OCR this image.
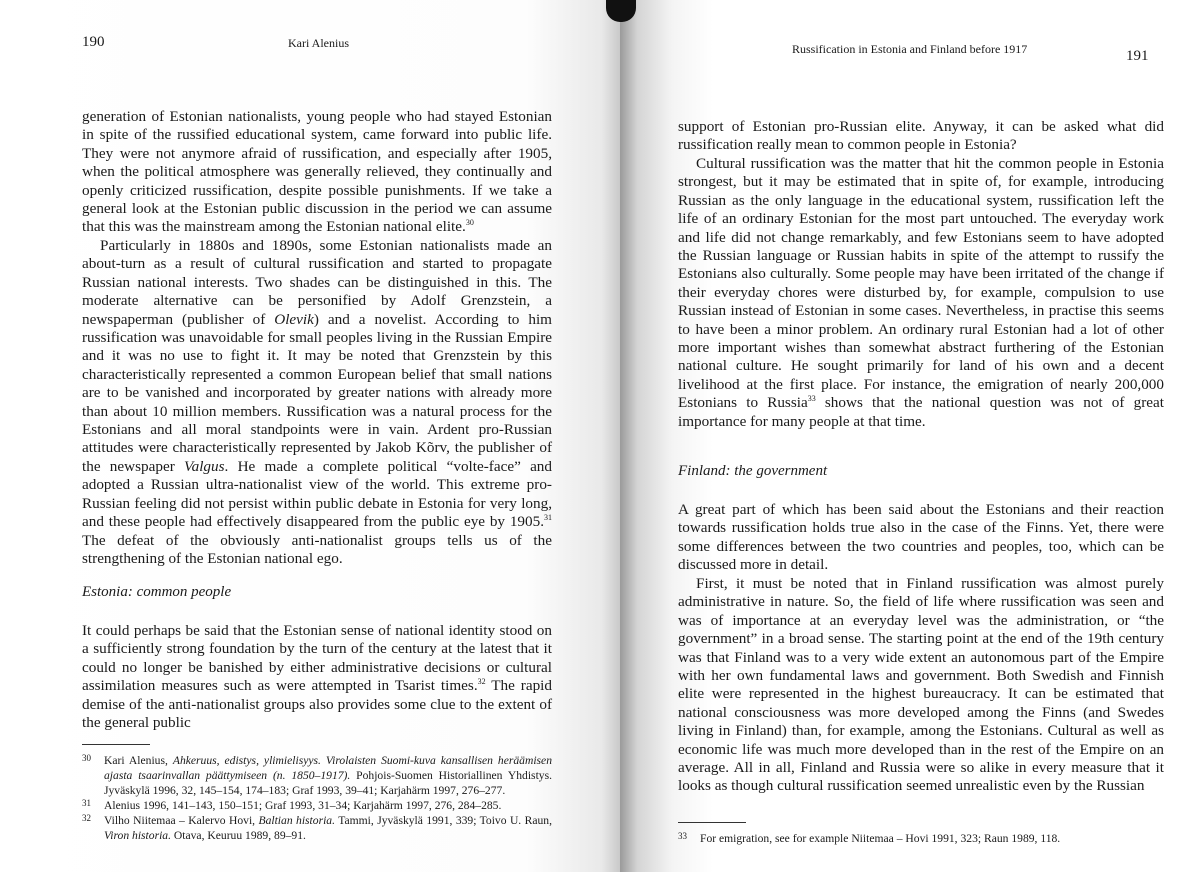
190	Kari Alenius
generation of Estonian nationalists, young people who had stayed Estonian in spite of the russified educational system, came forward into public life. They were not anymore afraid of russification, and especially after 1905, when the political atmosphere was generally relieved, they continually and openly criticized russification, despite possible punishments. If we take a general look at the Estonian public discussion in the period we can assume that this was the mainstream among the Estonian national elite.$^{30}$
Particularly in 1880s and 1890s, some Estonian nationalists made an about-turn as a result of cultural russification and started to propagate Russian national interests. Two shades can be distinguished in this. The moderate alternative can be personified by Adolf Grenzstein, a newspaperman (publisher of Olevik) and a novelist. According to him russification was unavoidable for small peoples living in the Russian Empire and it was no use to fight it. It may be noted that Grenzstein by this characteristically represented a common European belief that small nations are to be vanished and incorporated by greater nations with already more than about 10 million members. Russification was a natural process for the Estonians and all moral standpoints were in vain. Ardent pro-Russian attitudes were characteristically represented by Jakob Kõrv, the publisher of the newspaper Valgus. He made a complete political “volte-face” and adopted a Russian ultra-nationalist view of the world. This extreme pro-Russian feeling did not persist within public debate in Estonia for very long, and these people had effectively disappeared from the public eye by 1905.31 The defeat of the obviously anti-nationalist groups tells us of the strengthening of the Estonian national ego.
Estonia: common people
It could perhaps be said that the Estonian sense of national identity stood on a sufficiently strong foundation by the turn of the century at the latest that it could no longer be banished by either administrative decisions or cultural assimilation measures such as were attempted in Tsarist times.$^{32}$ The rapid demise of the anti-nationalist groups also provides some clue to the extent of the general public
30 Kari Alenius, Ahkeruus, edistys, ylimielisyys. Virolaisten Suomi-kuva kansallisen heräämisen ajasta tsaarinvallan päättymiseen (n. 1850–1917). Pohjois-Suomen Historiallinen Yhdistys. Jyväskylä 1996, 32, 145–154, 174–183; Graf 1993, 39–41; Karjahärm 1997, 276–277.
31 Alenius 1996, 141–143, 150–151; Graf 1993, 31–34; Karjahärm 1997, 276, 284–285.
32 Vilho Niitemaa – Kalervo Hovi, Baltian historia. Tammi, Jyväskylä 1991, 339; Toivo U. Raun, Viron historia. Otava, Keuruu 1989, 89–91.
Russification in Estonia and Finland before 1917	191
support of Estonian pro-Russian elite. Anyway, it can be asked what did russification really mean to common people in Estonia?
Cultural russification was the matter that hit the common people in Estonia strongest, but it may be estimated that in spite of, for example, introducing Russian as the only language in the educational system, russification left the life of an ordinary Estonian for the most part untouched. The everyday work and life did not change remarkably, and few Estonians seem to have adopted the Russian language or Russian habits in spite of the attempt to russify the Estonians also culturally. Some people may have been irritated of the change if their everyday chores were disturbed by, for example, compulsion to use Russian instead of Estonian in some cases. Nevertheless, in practise this seems to have been a minor problem. An ordinary rural Estonian had a lot of other more important wishes than somewhat abstract furthering of the Estonian national culture. He sought primarily for land of his own and a decent livelihood at the first place. For instance, the emigration of nearly 200,000 Estonians to Russia$^{33}$ shows that the national question was not of great importance for many people at that time.
Finland: the government
A great part of which has been said about the Estonians and their reaction towards russification holds true also in the case of the Finns. Yet, there were some differences between the two countries and peoples, too, which can be discussed more in detail.
First, it must be noted that in Finland russification was almost purely administrative in nature. So, the field of life where russification was seen and was of importance at an everyday level was the administration, or “the government” in a broad sense. The starting point at the end of the 19th century was that Finland was to a very wide extent an autonomous part of the Empire with her own fundamental laws and government. Both Swedish and Finnish elite were represented in the highest bureaucracy. It can be estimated that national consciousness was more developed among the Finns (and Swedes living in Finland) than, for example, among the Estonians. Cultural as well as economic life was much more developed than in the rest of the Empire on an average. All in all, Finland and Russia were so alike in every measure that it looks as though cultural russification seemed unrealistic even by the Russian
33 For emigration, see for example Niitemaa – Hovi 1991, 323; Raun 1989, 118.
